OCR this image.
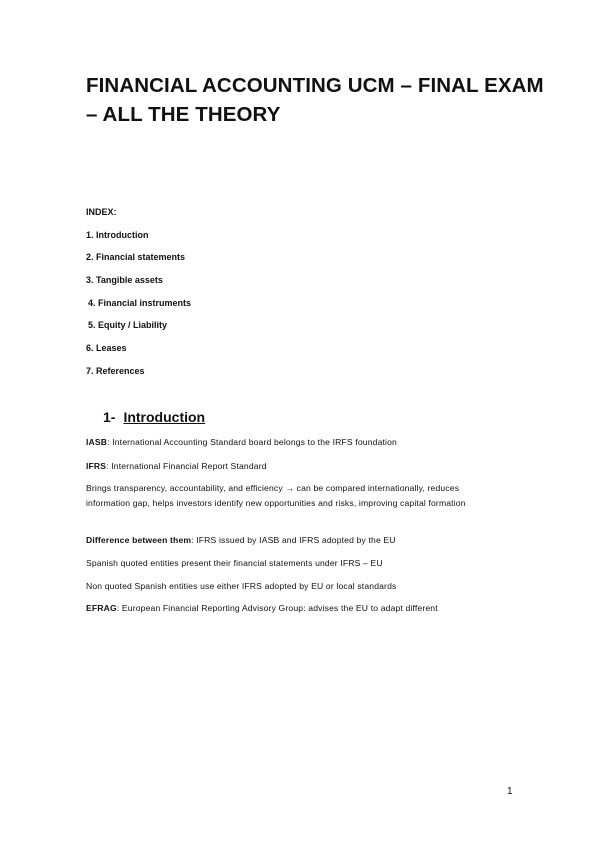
FINANCIAL ACCOUNTING UCM – FINAL EXAM
– ALL THE THEORY
INDEX:
1. Introduction
2. Financial statements
3. Tangible assets
4. Financial instruments
5. Equity / Liability
6. Leases
7. References
1- Introduction
IASB: International Accounting Standard board belongs to the IRFS foundation
IFRS: International Financial Report Standard
Brings transparency, accountability, and efficiency → can be compared internationally, reduces information gap, helps investors identify new opportunities and risks, improving capital formation
Difference between them: IFRS issued by IASB and IFRS adopted by the EU
Spanish quoted entities present their financial statements under IFRS – EU
Non quoted Spanish entities use either IFRS adopted by EU or local standards
EFRAG: European Financial Reporting Advisory Group: advises the EU to adapt different
1
